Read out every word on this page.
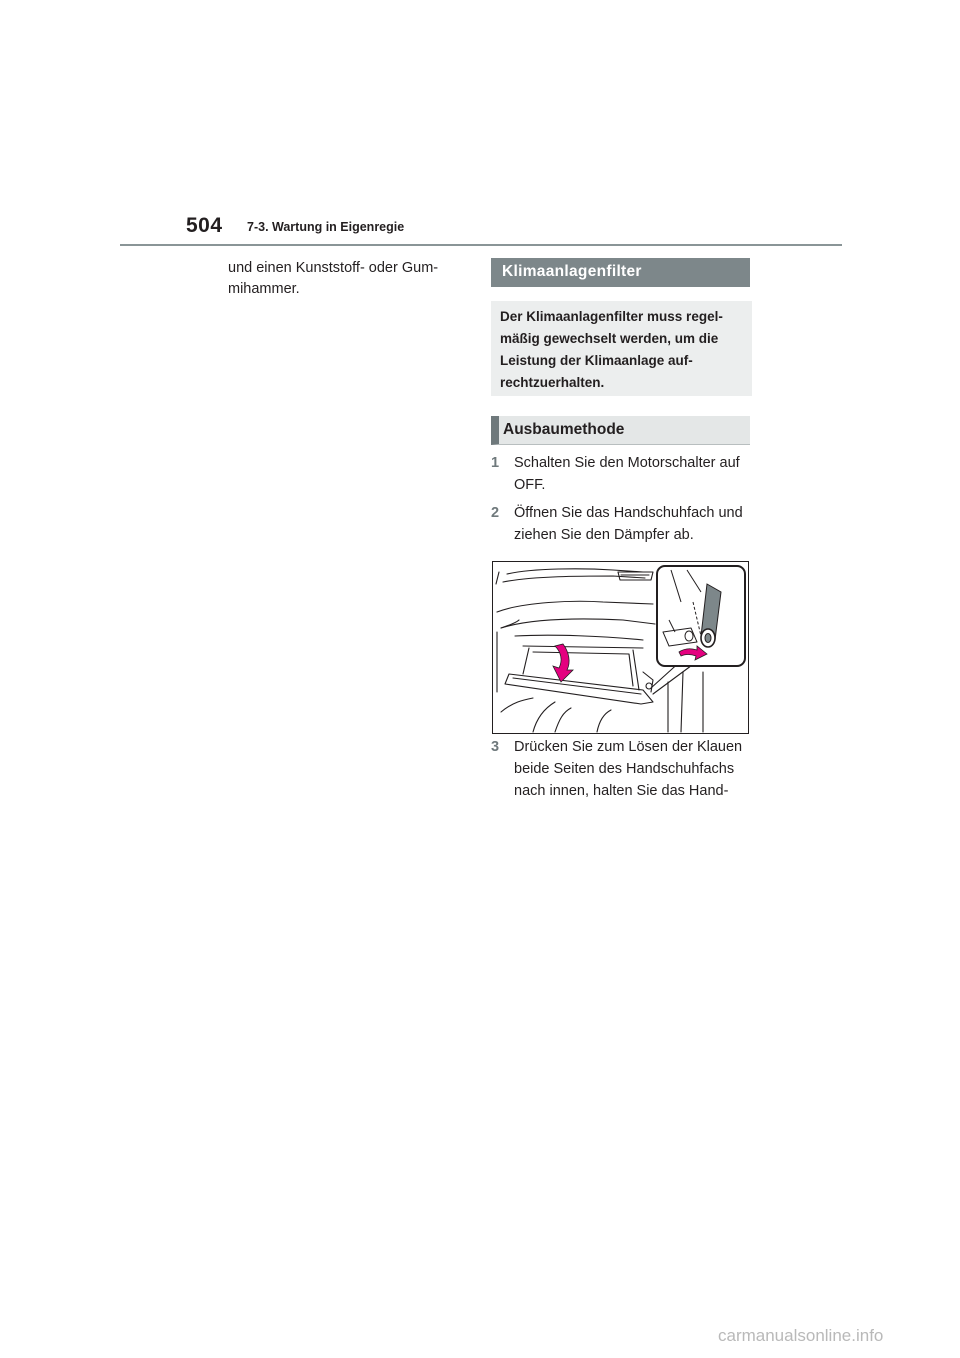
504 7-3. Wartung in Eigenregie
und einen Kunststoff- oder Gum-
mihammer.
Klimaanlagenfilter
Der Klimaanlagenfilter muss regel-
mäßig gewechselt werden, um die
Leistung der Klimaanlage auf-
rechtzuerhalten.
Ausbaumethode
1	Schalten Sie den Motorschalter auf
OFF.
2	Öffnen Sie das Handschuhfach und
ziehen Sie den Dämpfer ab.
3	Drücken Sie zum Lösen der Klauen
beide Seiten des Handschuhfachs
nach innen, halten Sie das Hand-
carmanualsonline.info
